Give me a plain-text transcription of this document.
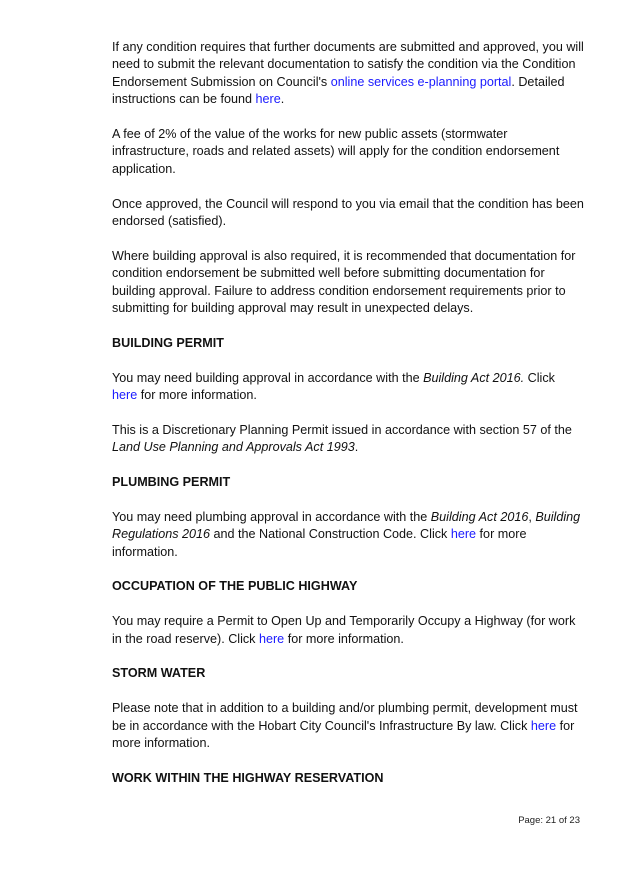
If any condition requires that further documents are submitted and approved, you will need to submit the relevant documentation to satisfy the condition via the Condition Endorsement Submission on Council's online services e-planning portal. Detailed instructions can be found here.

A fee of 2% of the value of the works for new public assets (stormwater infrastructure, roads and related assets) will apply for the condition endorsement application.

Once approved, the Council will respond to you via email that the condition has been endorsed (satisfied).

Where building approval is also required, it is recommended that documentation for condition endorsement be submitted well before submitting documentation for building approval. Failure to address condition endorsement requirements prior to submitting for building approval may result in unexpected delays.

BUILDING PERMIT

You may need building approval in accordance with the Building Act 2016. Click
here for more information.

This is a Discretionary Planning Permit issued in accordance with section 57 of the Land Use Planning and Approvals Act 1993.

PLUMBING PERMIT

You may need plumbing approval in accordance with the Building Act 2016, Building Regulations 2016 and the National Construction Code. Click here for more information.

OCCUPATION OF THE PUBLIC HIGHWAY

You may require a Permit to Open Up and Temporarily Occupy a Highway (for work in the road reserve). Click here for more information.

STORM WATER

Please note that in addition to a building and/or plumbing permit, development must be in accordance with the Hobart City Council's Infrastructure By law. Click here for more information.

WORK WITHIN THE HIGHWAY RESERVATION
Page: 21 of 23
